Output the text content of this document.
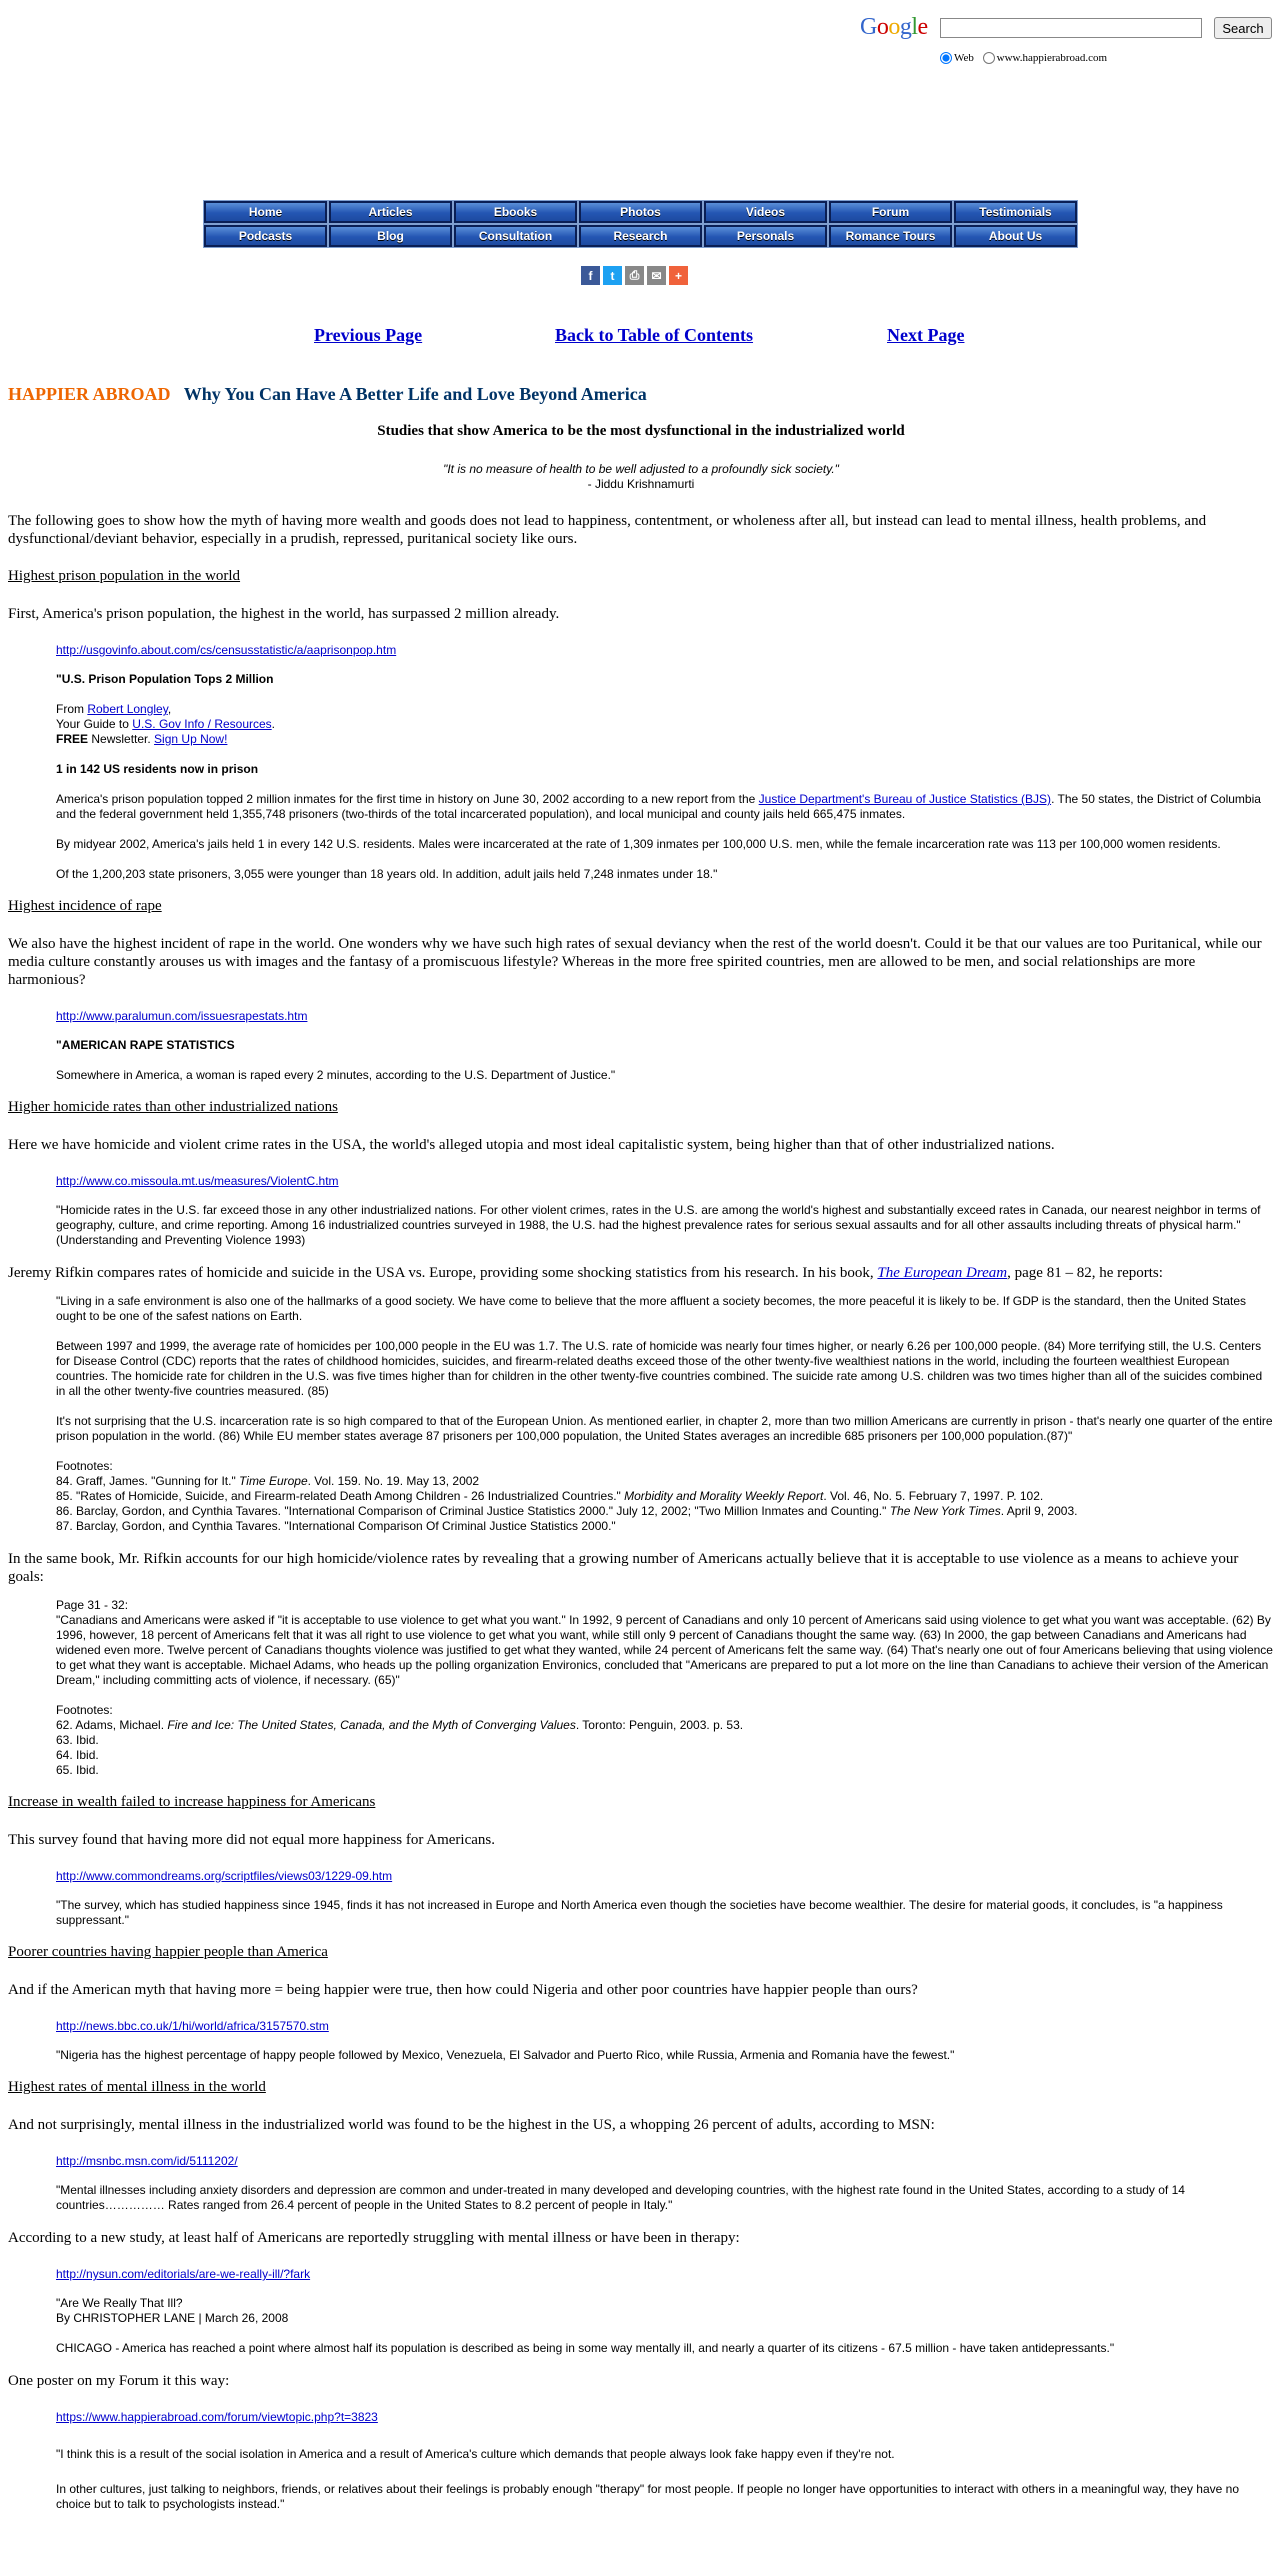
Google	Search
Web www.happierabroad.com
Home	Articles	Ebooks	Photos	Videos	Forum	Testimonials
Podcasts	Blog	Consultation	Research	Personals	Romance Tours	About Us
f	t	⎙	✉	+
Previous Page	Back to Table of Contents	Next Page
HAPPIER ABROAD Why You Can Have A Better Life and Love Beyond America
Studies that show America to be the most dysfunctional in the industrialized world
"It is no measure of health to be well adjusted to a profoundly sick society."
- Jiddu Krishnamurti

The following goes to show how the myth of having more wealth and goods does not lead to happiness, contentment, or wholeness after all, but instead can lead to mental illness, health problems, and dysfunctional/deviant behavior, especially in a prudish, repressed, puritanical society like ours.

Highest prison population in the world

First, America's prison population, the highest in the world, has surpassed 2 million already.

http://usgovinfo.about.com/cs/censusstatistic/a/aaprisonpop.htm

"U.S. Prison Population Tops 2 Million

From Robert Longley,
Your Guide to U.S. Gov Info / Resources.
FREE Newsletter. Sign Up Now!

1 in 142 US residents now in prison

America's prison population topped 2 million inmates for the first time in history on June 30, 2002 according to a new report from the Justice Department's Bureau of Justice Statistics (BJS). The 50 states, the District of Columbia and the federal government held 1,355,748 prisoners (two-thirds of the total incarcerated population), and local municipal and county jails held 665,475 inmates.

By midyear 2002, America's jails held 1 in every 142 U.S. residents. Males were incarcerated at the rate of 1,309 inmates per 100,000 U.S. men, while the female incarceration rate was 113 per 100,000 women residents.

Of the 1,200,203 state prisoners, 3,055 were younger than 18 years old. In addition, adult jails held 7,248 inmates under 18."

Highest incidence of rape

We also have the highest incident of rape in the world. One wonders why we have such high rates of sexual deviancy when the rest of the world doesn't. Could it be that our values are too Puritanical, while our media culture constantly arouses us with images and the fantasy of a promiscuous lifestyle? Whereas in the more free spirited countries, men are allowed to be men, and social relationships are more harmonious?

http://www.paralumun.com/issuesrapestats.htm

"AMERICAN RAPE STATISTICS

Somewhere in America, a woman is raped every 2 minutes, according to the U.S. Department of Justice."

Higher homicide rates than other industrialized nations

Here we have homicide and violent crime rates in the USA, the world's alleged utopia and most ideal capitalistic system, being higher than that of other industrialized nations.

http://www.co.missoula.mt.us/measures/ViolentC.htm

"Homicide rates in the U.S. far exceed those in any other industrialized nations. For other violent crimes, rates in the U.S. are among the world's highest and substantially exceed rates in Canada, our nearest neighbor in terms of geography, culture, and crime reporting. Among 16 industrialized countries surveyed in 1988, the U.S. had the highest prevalence rates for serious sexual assaults and for all other assaults including threats of physical harm." (Understanding and Preventing Violence 1993)

Jeremy Rifkin compares rates of homicide and suicide in the USA vs. Europe, providing some shocking statistics from his research. In his book, The European Dream, page 81 – 82, he reports:

"Living in a safe environment is also one of the hallmarks of a good society. We have come to believe that the more affluent a society becomes, the more peaceful it is likely to be. If GDP is the standard, then the United States ought to be one of the safest nations on Earth.

Between 1997 and 1999, the average rate of homicides per 100,000 people in the EU was 1.7. The U.S. rate of homicide was nearly four times higher, or nearly 6.26 per 100,000 people. (84) More terrifying still, the U.S. Centers for Disease Control (CDC) reports that the rates of childhood homicides, suicides, and firearm-related deaths exceed those of the other twenty-five wealthiest nations in the world, including the fourteen wealthiest European countries. The homicide rate for children in the U.S. was five times higher than for children in the other twenty-five countries combined. The suicide rate among U.S. children was two times higher than all of the suicides combined in all the other twenty-five countries measured. (85)

It's not surprising that the U.S. incarceration rate is so high compared to that of the European Union. As mentioned earlier, in chapter 2, more than two million Americans are currently in prison - that's nearly one quarter of the entire prison population in the world. (86) While EU member states average 87 prisoners per 100,000 population, the United States averages an incredible 685 prisoners per 100,000 population.(87)"

Footnotes:
84. Graff, James. "Gunning for It." Time Europe. Vol. 159. No. 19. May 13, 2002
85. "Rates of Homicide, Suicide, and Firearm-related Death Among Children - 26 Industrialized Countries." Morbidity and Morality Weekly Report. Vol. 46, No. 5. February 7, 1997. P. 102.
86. Barclay, Gordon, and Cynthia Tavares. "International Comparison of Criminal Justice Statistics 2000." July 12, 2002; "Two Million Inmates and Counting." The New York Times. April 9, 2003.
87. Barclay, Gordon, and Cynthia Tavares. "International Comparison Of Criminal Justice Statistics 2000."

In the same book, Mr. Rifkin accounts for our high homicide/violence rates by revealing that a growing number of Americans actually believe that it is acceptable to use violence as a means to achieve your goals:

Page 31 - 32:
"Canadians and Americans were asked if "it is acceptable to use violence to get what you want." In 1992, 9 percent of Canadians and only 10 percent of Americans said using violence to get what you want was acceptable. (62) By 1996, however, 18 percent of Americans felt that it was all right to use violence to get what you want, while still only 9 percent of Canadians thought the same way. (63) In 2000, the gap between Canadians and Americans had widened even more. Twelve percent of Canadians thoughts violence was justified to get what they wanted, while 24 percent of Americans felt the same way. (64) That's nearly one out of four Americans believing that using violence to get what they want is acceptable. Michael Adams, who heads up the polling organization Environics, concluded that "Americans are prepared to put a lot more on the line than Canadians to achieve their version of the American Dream," including committing acts of violence, if necessary. (65)"

Footnotes:
62. Adams, Michael. Fire and Ice: The United States, Canada, and the Myth of Converging Values. Toronto: Penguin, 2003. p. 53.
63. Ibid.
64. Ibid.
65. Ibid.

Increase in wealth failed to increase happiness for Americans

This survey found that having more did not equal more happiness for Americans.

http://www.commondreams.org/scriptfiles/views03/1229-09.htm

"The survey, which has studied happiness since 1945, finds it has not increased in Europe and North America even though the societies have become wealthier. The desire for material goods, it concludes, is "a happiness suppressant."

Poorer countries having happier people than America

And if the American myth that having more = being happier were true, then how could Nigeria and other poor countries have happier people than ours?

http://news.bbc.co.uk/1/hi/world/africa/3157570.stm

"Nigeria has the highest percentage of happy people followed by Mexico, Venezuela, El Salvador and Puerto Rico, while Russia, Armenia and Romania have the fewest."

Highest rates of mental illness in the world

And not surprisingly, mental illness in the industrialized world was found to be the highest in the US, a whopping 26 percent of adults, according to MSN:

http://msnbc.msn.com/id/5111202/

"Mental illnesses including anxiety disorders and depression are common and under-treated in many developed and developing countries, with the highest rate found in the United States, according to a study of 14 countries…………… Rates ranged from 26.4 percent of people in the United States to 8.2 percent of people in Italy."

According to a new study, at least half of Americans are reportedly struggling with mental illness or have been in therapy:

http://nysun.com/editorials/are-we-really-ill/?fark

"Are We Really That Ill?
By CHRISTOPHER LANE | March 26, 2008

CHICAGO - America has reached a point where almost half its population is described as being in some way mentally ill, and nearly a quarter of its citizens - 67.5 million - have taken antidepressants."

One poster on my Forum it this way:

https://www.happierabroad.com/forum/viewtopic.php?t=3823

"I think this is a result of the social isolation in America and a result of America's culture which demands that people always look fake happy even if they're not.

In other cultures, just talking to neighbors, friends, or relatives about their feelings is probably enough "therapy" for most people. If people no longer have opportunities to interact with others in a meaningful way, they have no choice but to talk to psychologists instead."
